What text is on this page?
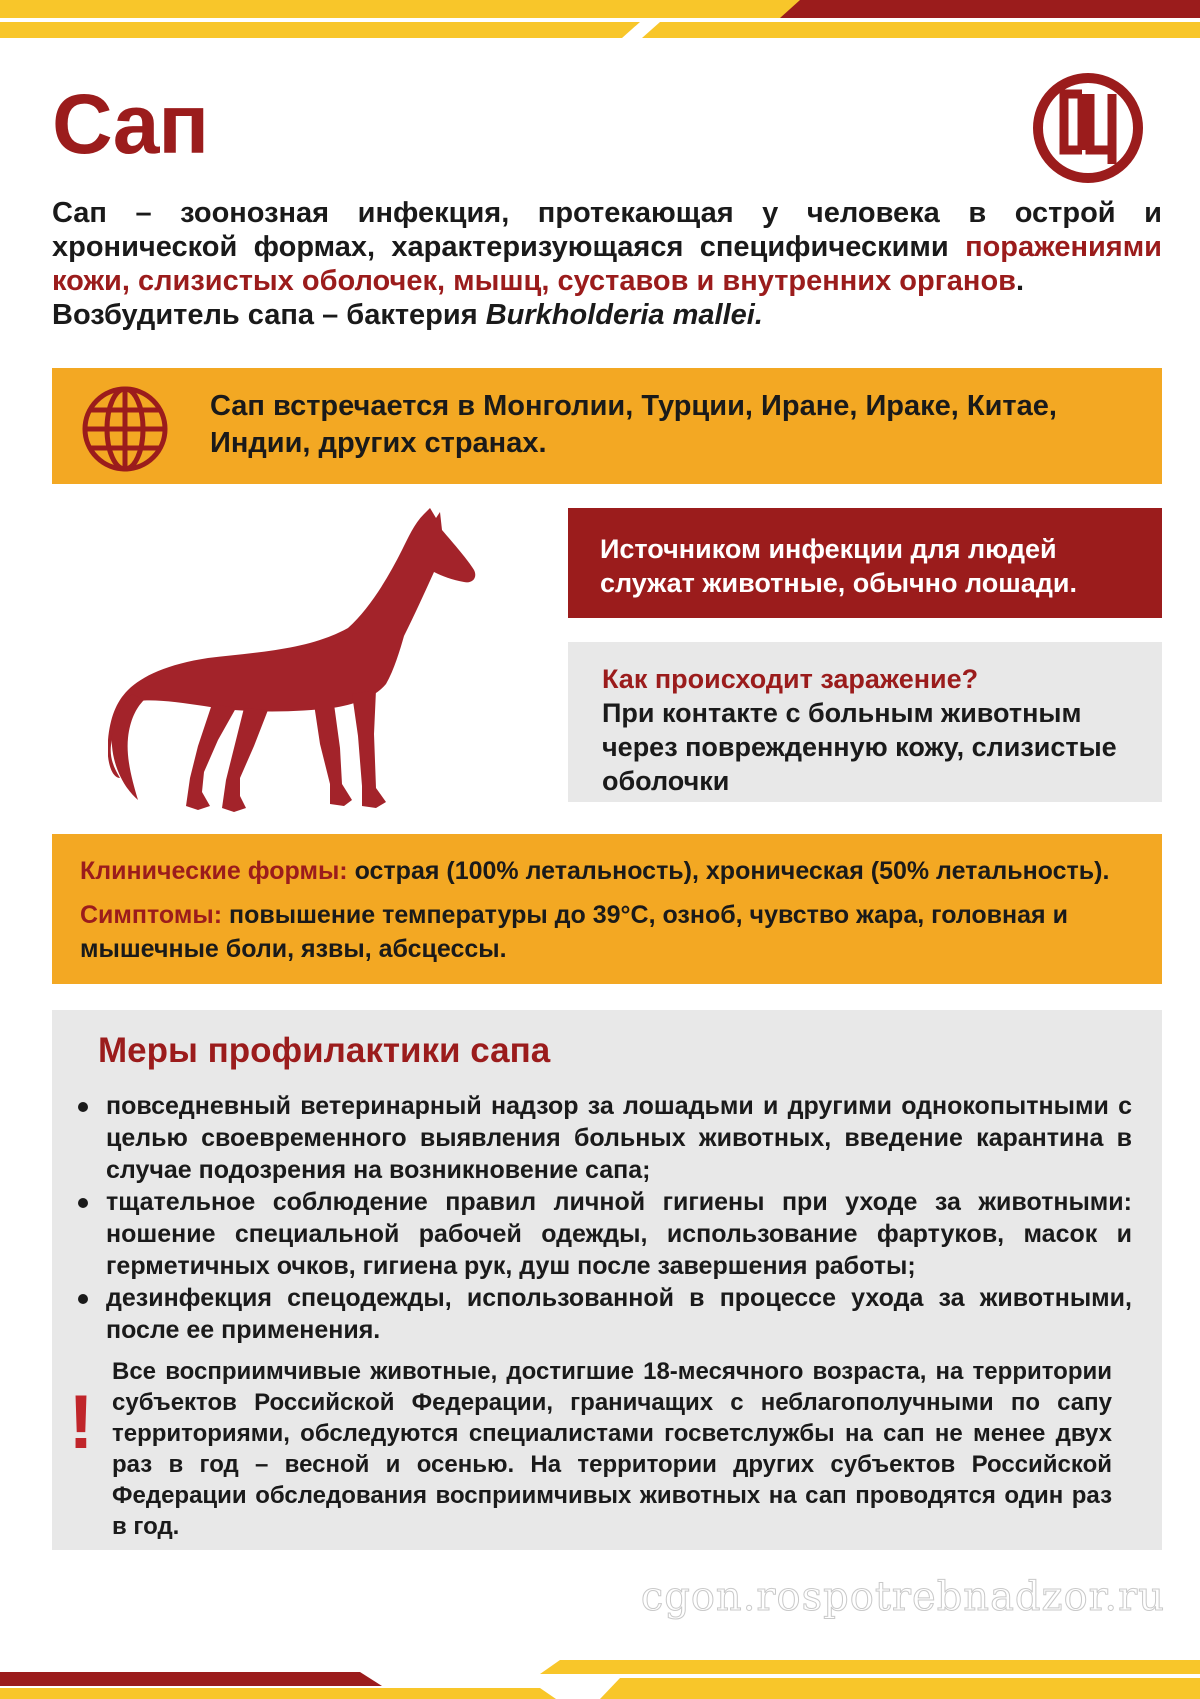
Сап

Сап – зоонозная инфекция, протекающая у человека в острой и хронической формах, характеризующаяся специфическими поражениями кожи, слизистых оболочек, мышц, суставов и внутренних органов.
Возбудитель сапа – бактерия Burkholderia mallei.

Сап встречается в Монголии, Турции, Иране, Ираке, Китае, Индии, других странах.

Источником инфекции для людей служат животные, обычно лошади.

Как происходит заражение?

При контакте с больным животным через поврежденную кожу, слизистые оболочки

Клинические формы: острая (100% летальность), хроническая (50% летальность).

Симптомы: повышение температуры до 39°С, озноб, чувство жара, головная и мышечные боли, язвы, абсцессы.

Меры профилактики сапа
повседневный ветеринарный надзор за лошадьми и другими однокопытными с целью своевременного выявления больных животных, введение карантина в случае подозрения на возникновение сапа;
тщательное соблюдение правил личной гигиены при уходе за животными: ношение специальной рабочей одежды, использование фартуков, масок и герметичных очков, гигиена рук, душ после завершения работы;
дезинфекция спецодежды, использованной в процессе ухода за животными, после ее применения.
!

Все восприимчивые животные, достигшие 18-месячного возраста, на территории субъектов Российской Федерации, граничащих с неблагополучными по сапу территориями, обследуются специалистами госветслужбы на сап не менее двух раз в год – весной и осенью. На территории других субъектов Российской Федерации обследования восприимчивых животных на сап проводятся один раз в год.

cgon.rospotrebnadzor.ru
